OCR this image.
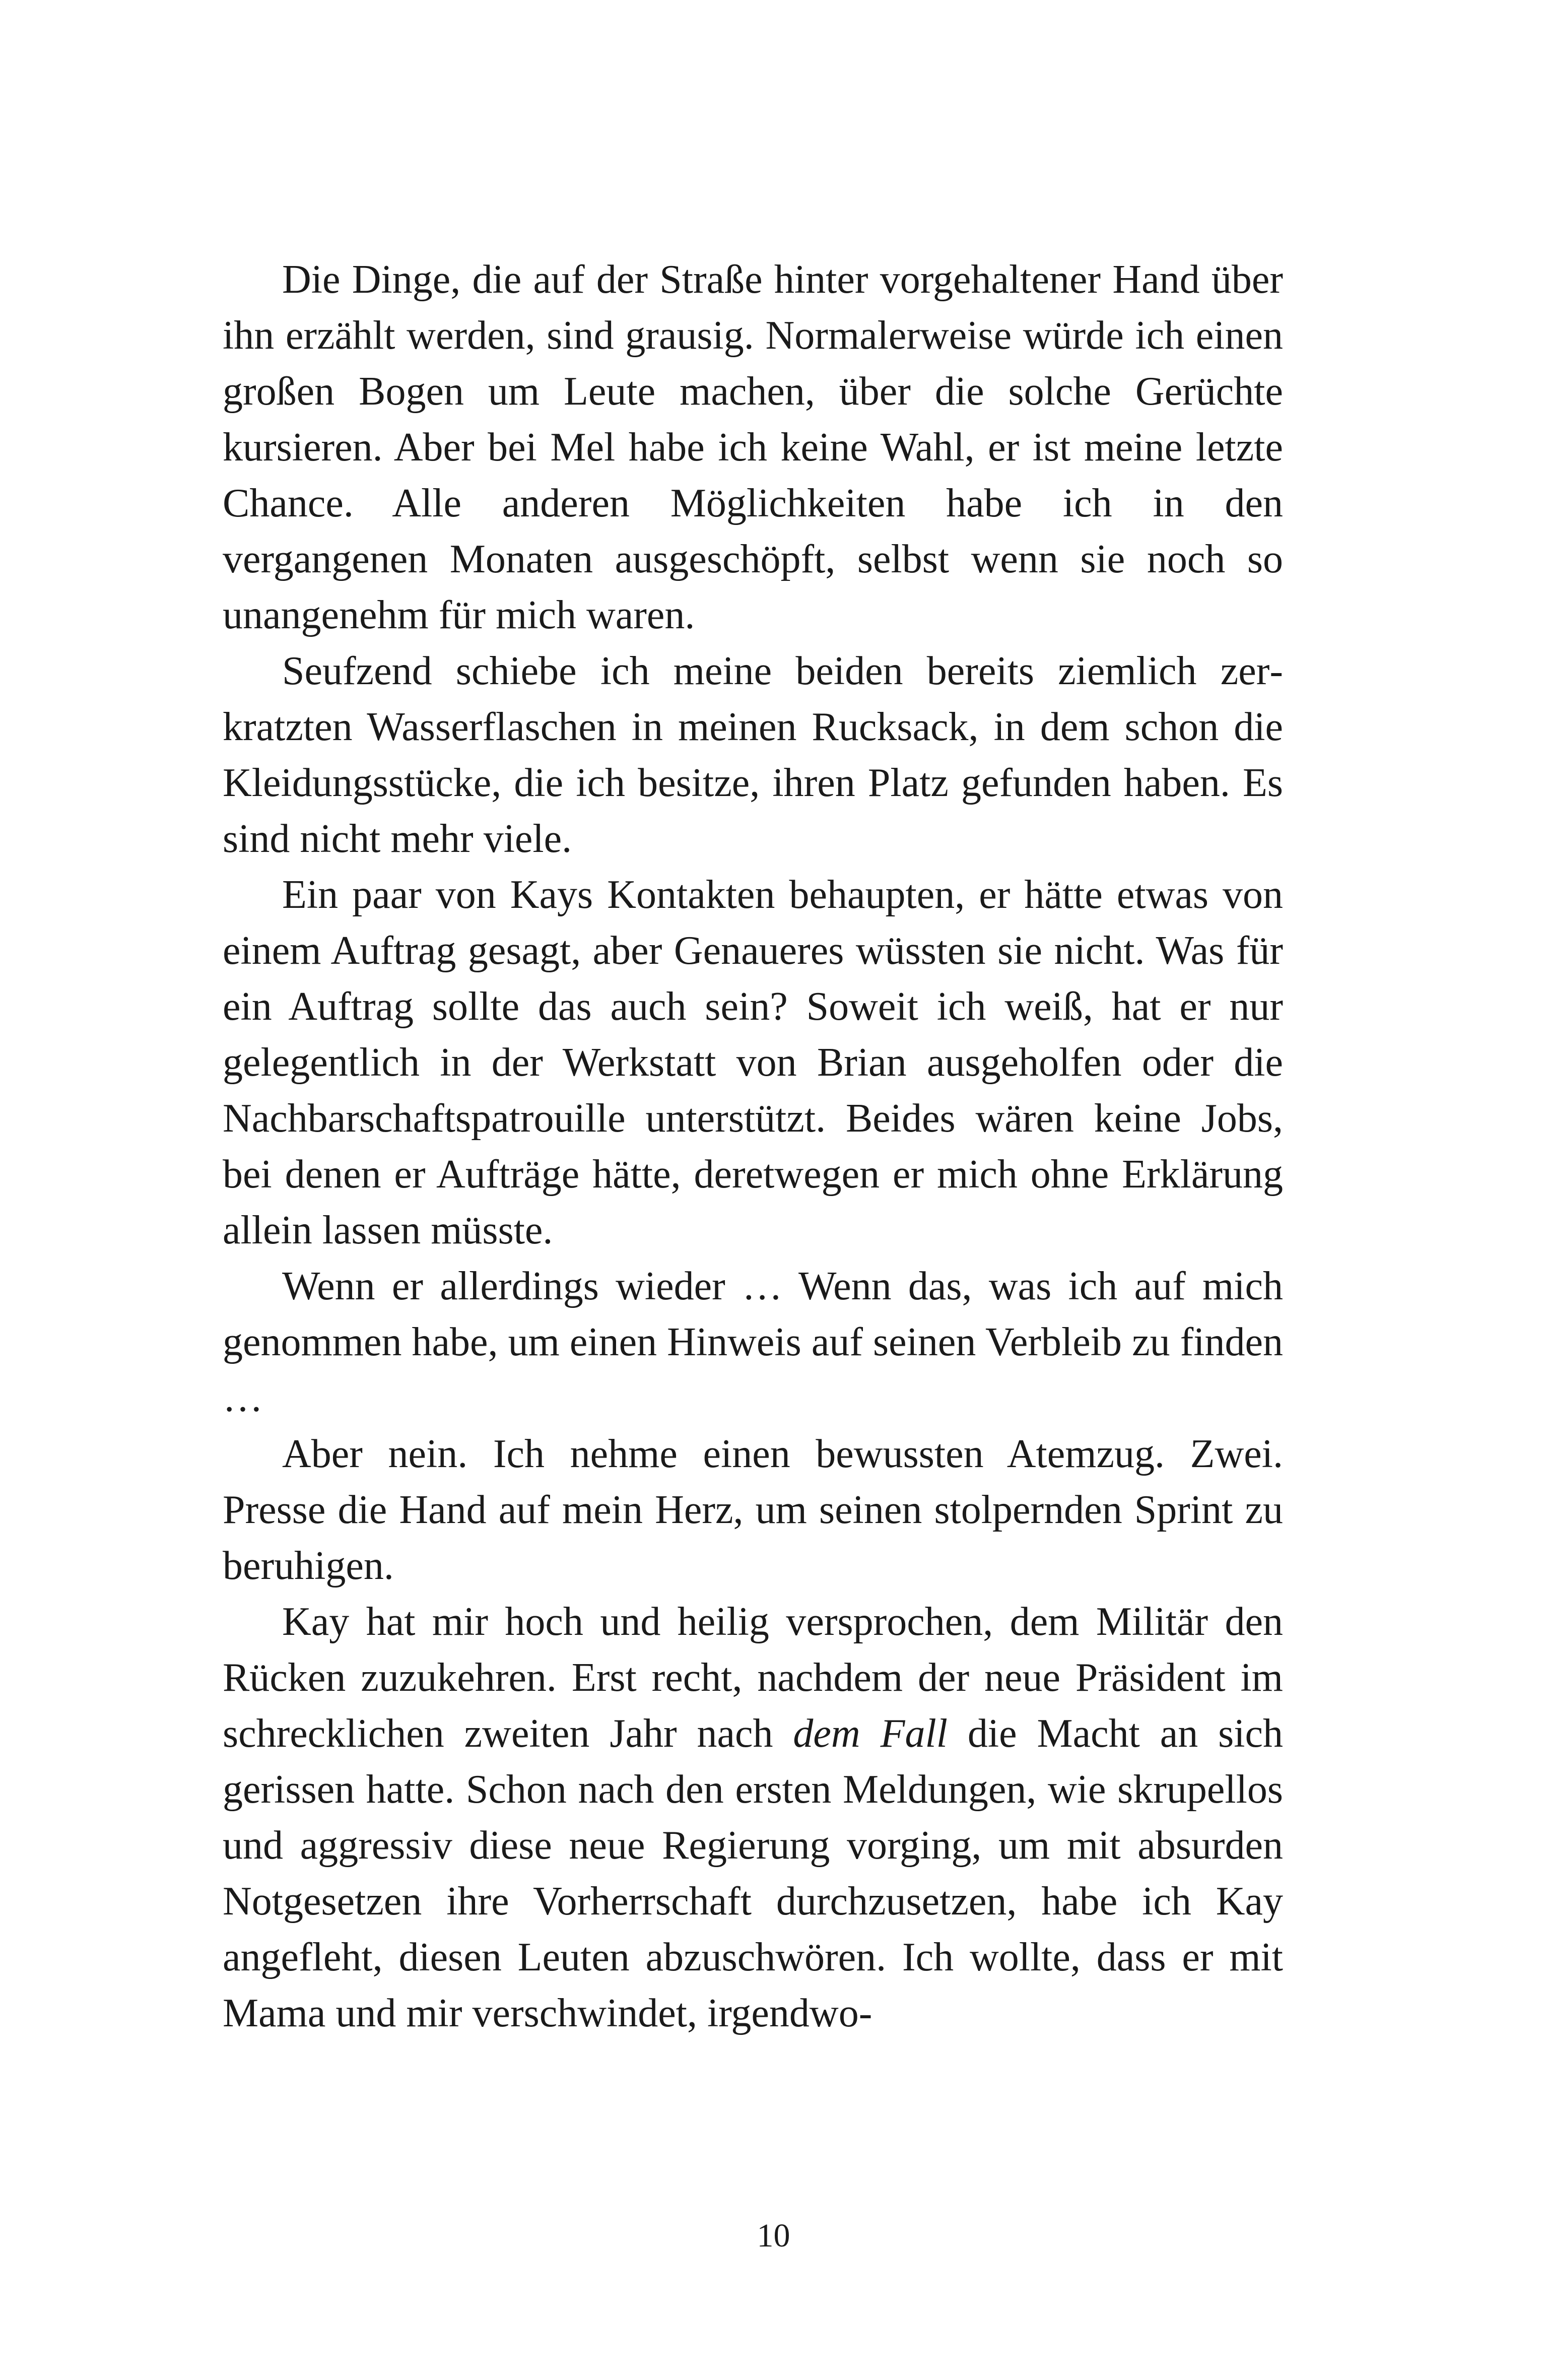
Die Dinge, die auf der Straße hinter vorgehaltener Hand über ihn erzählt werden, sind grausig. Normalerweise würde ich einen großen Bogen um Leute machen, über die solche Gerüchte kursieren. Aber bei Mel habe ich keine Wahl, er ist meine letzte Chance. Alle anderen Möglichkeiten habe ich in den vergangenen Monaten ausgeschöpft, selbst wenn sie noch so unangenehm für mich waren.

Seufzend schiebe ich meine beiden bereits ziemlich zerkratzten Wasserflaschen in meinen Rucksack, in dem schon die Kleidungsstücke, die ich besitze, ihren Platz gefunden haben. Es sind nicht mehr viele.

Ein paar von Kays Kontakten behaupten, er hätte etwas von einem Auftrag gesagt, aber Genaueres wüssten sie nicht. Was für ein Auftrag sollte das auch sein? Soweit ich weiß, hat er nur gelegentlich in der Werkstatt von Brian ausgeholfen oder die Nachbarschaftspatrouille unterstützt. Beides wären keine Jobs, bei denen er Aufträge hätte, deretwegen er mich ohne Erklärung allein lassen müsste.

Wenn er allerdings wieder … Wenn das, was ich auf mich genommen habe, um einen Hinweis auf seinen Verbleib zu finden …

Aber nein. Ich nehme einen bewussten Atemzug. Zwei. Presse die Hand auf mein Herz, um seinen stolpernden Sprint zu beruhigen.

Kay hat mir hoch und heilig versprochen, dem Militär den Rücken zuzukehren. Erst recht, nachdem der neue Präsident im schrecklichen zweiten Jahr nach dem Fall die Macht an sich gerissen hatte. Schon nach den ersten Meldungen, wie skrupellos und aggressiv diese neue Regierung vorging, um mit absurden Notgesetzen ihre Vorherrschaft durchzusetzen, habe ich Kay angefleht, diesen Leuten abzuschwören. Ich wollte, dass er mit Mama und mir verschwindet, irgendwo-

10
